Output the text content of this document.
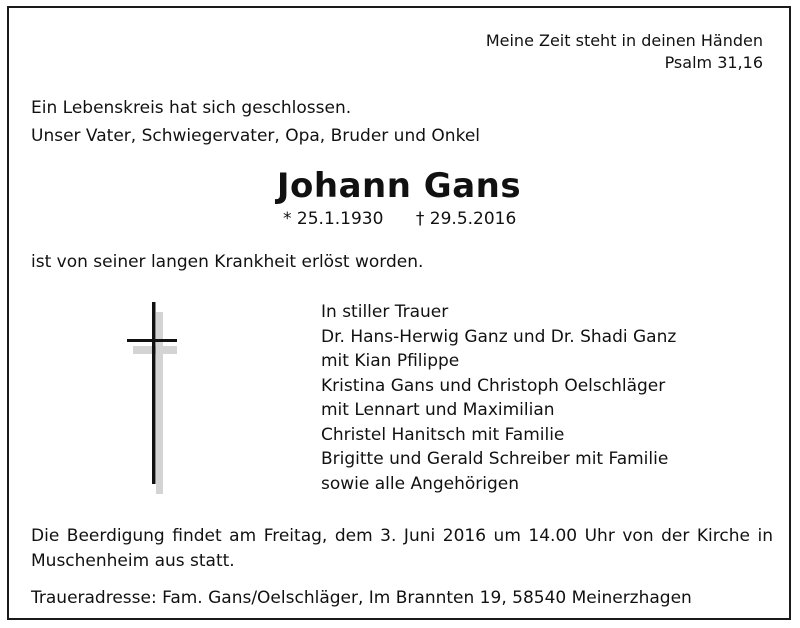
Meine Zeit steht in deinen Händen
Psalm 31,16
Ein Lebenskreis hat sich geschlossen.
Unser Vater, Schwiegervater, Opa, Bruder und Onkel
Johann Gans
* 25.1.1930 † 29.5.2016
ist von seiner langen Krankheit erlöst worden.
In stiller Trauer
Dr. Hans-Herwig Ganz und Dr. Shadi Ganz
mit Kian Pfilippe
Kristina Gans und Christoph Oelschläger
mit Lennart und Maximilian
Christel Hanitsch mit Familie
Brigitte und Gerald Schreiber mit Familie
sowie alle Angehörigen
Die Beerdigung findet am Freitag, dem 3. Juni 2016 um 14.00 Uhr von der Kirche in Muschenheim aus statt.
Traueradresse: Fam. Gans/Oelschläger, Im Brannten 19, 58540 Meinerzhagen
